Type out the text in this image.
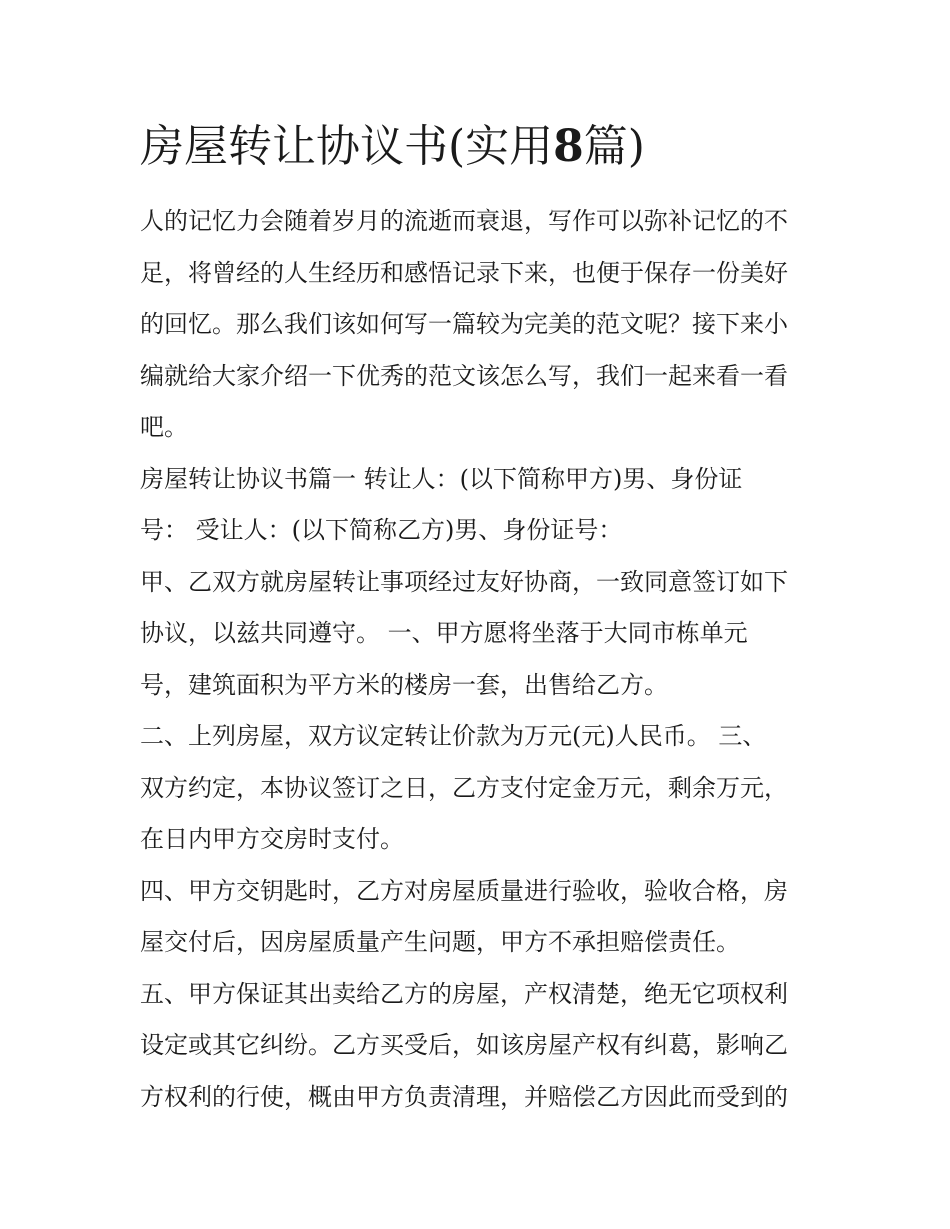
房屋转让协议书(实用8篇)
人的记忆力会随着岁月的流逝而衰退，写作可以弥补记忆的不
足，将曾经的人生经历和感悟记录下来，也便于保存一份美好
的回忆。那么我们该如何写一篇较为完美的范文呢？接下来小
编就给大家介绍一下优秀的范文该怎么写，我们一起来看一看
吧。
房屋转让协议书篇一 转让人：(以下简称甲方)男、身份证
号： 受让人：(以下简称乙方)男、身份证号：
甲、乙双方就房屋转让事项经过友好协商，一致同意签订如下
协议，以兹共同遵守。 一、甲方愿将坐落于大同市栋单元
号，建筑面积为平方米的楼房一套，出售给乙方。
二、上列房屋，双方议定转让价款为万元(元)人民币。 三、
双方约定，本协议签订之日，乙方支付定金万元，剩余万元，
在日内甲方交房时支付。
四、甲方交钥匙时，乙方对房屋质量进行验收，验收合格，房
屋交付后，因房屋质量产生问题，甲方不承担赔偿责任。
五、甲方保证其出卖给乙方的房屋，产权清楚，绝无它项权利
设定或其它纠纷。乙方买受后，如该房屋产权有纠葛，影响乙
方权利的行使，概由甲方负责清理，并赔偿乙方因此而受到的
